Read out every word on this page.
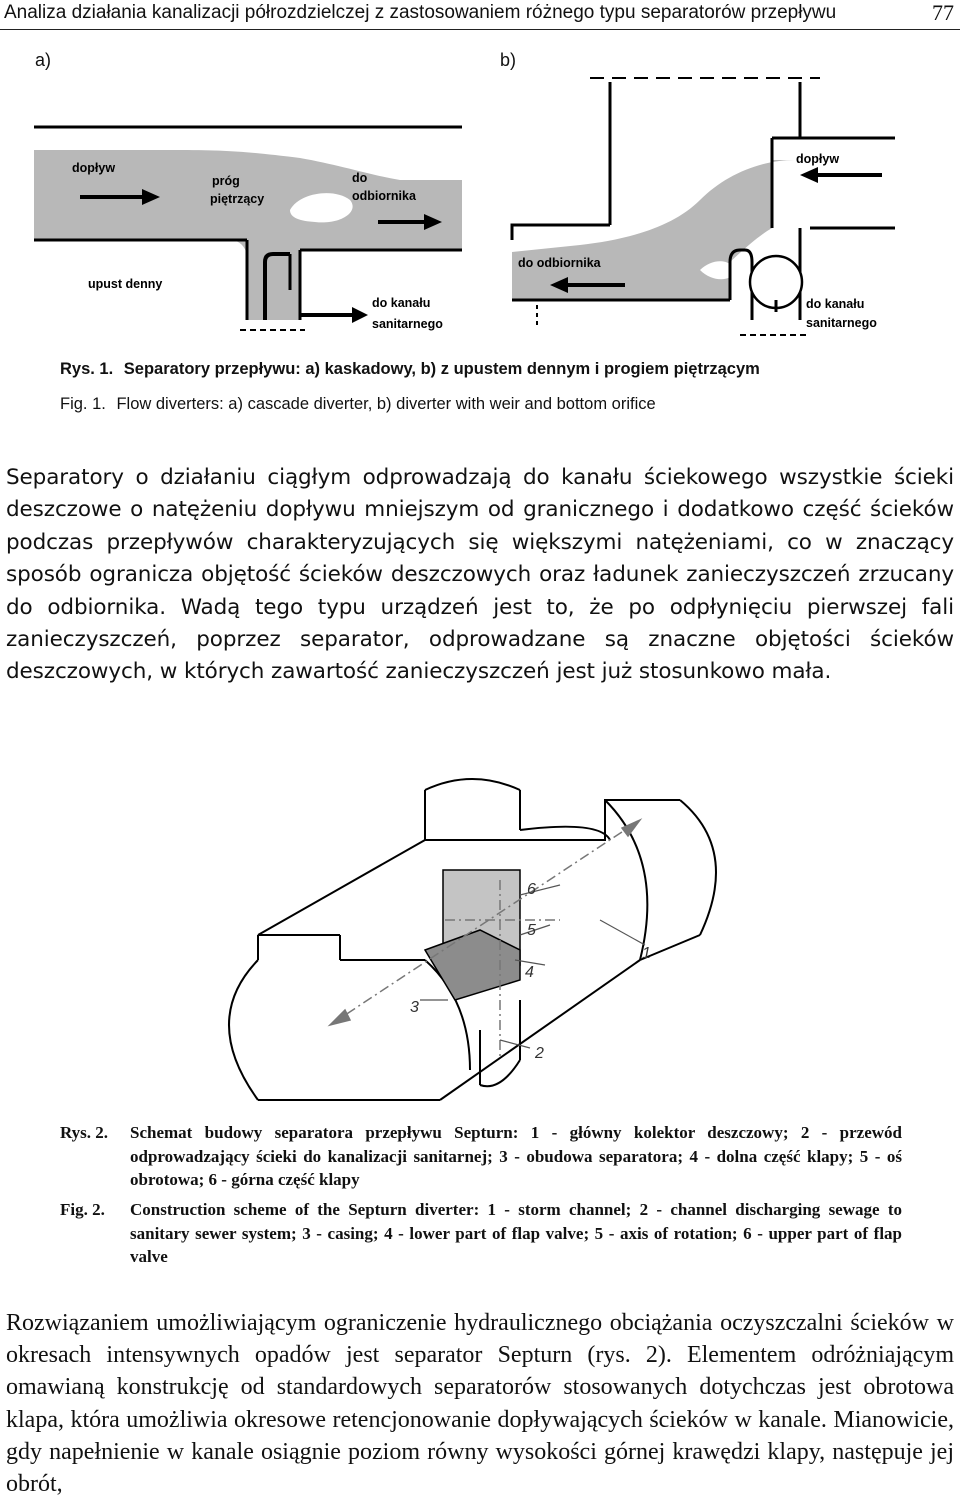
Analiza działania kanalizacji półrozdzielczej z zastosowaniem różnego typu separatorów przepływu	77
a)	b)
dopływ
próg
piętrzący
do
odbiornika
upust denny
do kanału
sanitarnego
dopływ
do odbiornika
do kanału
sanitarnego
Rys. 1. Separatory przepływu: a) kaskadowy, b) z upustem dennym i progiem piętrzącym
Fig. 1. Flow diverters: a) cascade diverter, b) diverter with weir and bottom orifice

Separatory o działaniu ciągłym odprowadzają do kanału ściekowego wszystkie ścieki deszczowe o natężeniu dopływu mniejszym od granicznego i dodatkowo część ścieków podczas przepływów charakteryzujących się większymi natężeniami, co w znaczący sposób ogranicza objętość ścieków deszczowych oraz ładunek zanieczyszczeń zrzucany do odbiornika. Wadą tego typu urządzeń jest to, że po odpłynięciu pierwszej fali zanieczyszczeń, poprzez separator, odprowadzane są znaczne objętości ścieków deszczowych, w których zawartość zanieczyszczeń jest już stosunkowo mała.

1
2
3
4
5
6
Rys. 2. Schemat budowy separatora przepływu Septurn: 1 - główny kolektor deszczowy; 2 - przewód odprowadzający ścieki do kanalizacji sanitarnej; 3 - obudowa separatora; 4 - dolna część klapy; 5 - oś obrotowa; 6 - górna część klapy
Fig. 2. Construction scheme of the Septurn diverter: 1 - storm channel; 2 - channel discharging sewage to sanitary sewer system; 3 - casing; 4 - lower part of flap valve; 5 - axis of rotation; 6 - upper part of flap valve

Rozwiązaniem umożliwiającym ograniczenie hydraulicznego obciążania oczyszczalni ścieków w okresach intensywnych opadów jest separator Septurn (rys. 2). Elementem odróżniającym omawianą konstrukcję od standardowych separatorów stosowanych dotychczas jest obrotowa klapa, która umożliwia okresowe retencjonowanie dopływających ścieków w kanale. Mianowicie, gdy napełnienie w kanale osiągnie poziom równy wysokości górnej krawędzi klapy, następuje jej obrót,
